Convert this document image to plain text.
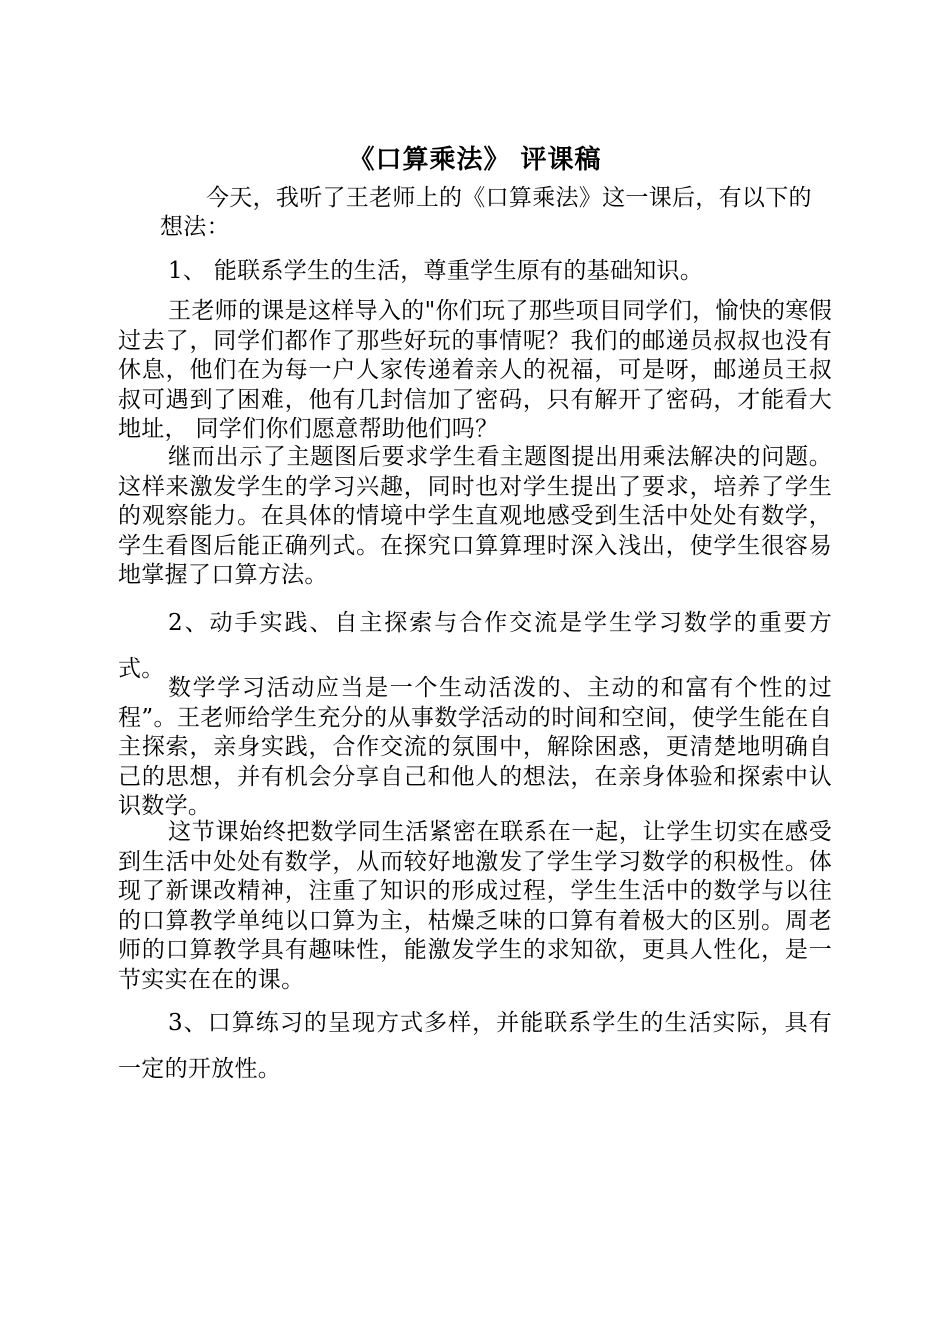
《口算乘法》 评课稿

今天，我听了王老师上的《口算乘法》这一课后，有以下的想法：

1、 能联系学生的生活，尊重学生原有的基础知识。

王老师的课是这样导入的"你们玩了那些项目同学们，愉快的寒假过去了，同学们都作了那些好玩的事情呢？我们的邮递员叔叔也没有休息，他们在为每一户人家传递着亲人的祝福，可是呀，邮递员王叔叔可遇到了困难，他有几封信加了密码，只有解开了密码，才能看大地址， 同学们你们愿意帮助他们吗？

继而出示了主题图后要求学生看主题图提出用乘法解决的问题。这样来激发学生的学习兴趣，同时也对学生提出了要求，培养了学生的观察能力。在具体的情境中学生直观地感受到生活中处处有数学，学生看图后能正确列式。在探究口算算理时深入浅出，使学生很容易地掌握了口算方法。

2、动手实践、自主探索与合作交流是学生学习数学的重要方式。

数学学习活动应当是一个生动活泼的、主动的和富有个性的过程”。王老师给学生充分的从事数学活动的时间和空间，使学生能在自主探索，亲身实践，合作交流的氛围中，解除困惑，更清楚地明确自己的思想，并有机会分享自己和他人的想法，在亲身体验和探索中认识数学。

这节课始终把数学同生活紧密在联系在一起，让学生切实在感受到生活中处处有数学，从而较好地激发了学生学习数学的积极性。体现了新课改精神，注重了知识的形成过程，学生生活中的数学与以往的口算教学单纯以口算为主，枯燥乏味的口算有着极大的区别。周老师的口算教学具有趣味性，能激发学生的求知欲，更具人性化，是一节实实在在的课。

3、口算练习的呈现方式多样，并能联系学生的生活实际，具有一定的开放性。
